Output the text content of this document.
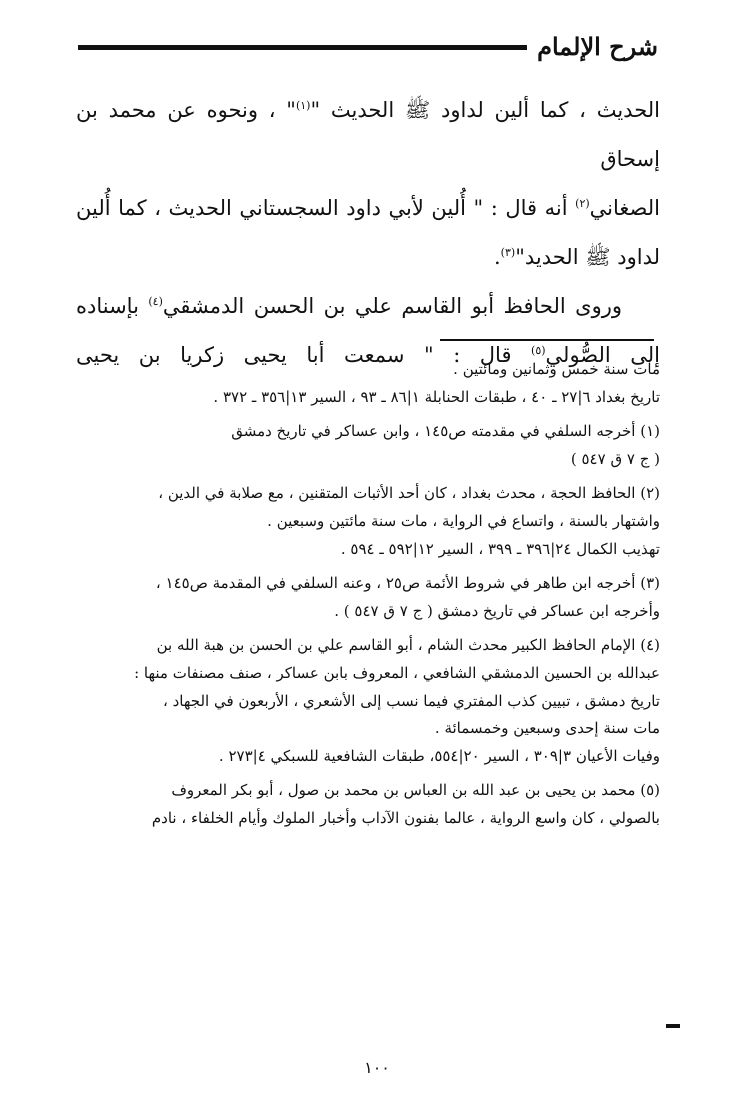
شرح الإلمام

الحديث ، كما ألين لداود ﷺ الحديث "$^{(١)}$" ، ونحوه عن محمد بن إسحاق

الصغاني$^{(٢)}$ أنه قال : " أُلين لأبي داود السجستاني الحديث ، كما أُلين

لداود ﷺ الحديد"$^{(٣)}$.

وروى الحافظ أبو القاسم علي بن الحسن الدمشقي$^{(٤)}$ بإسناده

إلى الصُّولي$^{(٥)}$ قال : " سمعت أبا يحيى زكريا بن يحيى

مات سنة خمس وثمانين ومائتين .

تاريخ بغداد ٦|٢٧ ـ ٤٠ ، طبقات الحنابلة ١|٨٦ ـ ٩٣ ، السير ١٣|٣٥٦ ـ ٣٧٢ .

(١) أخرجه السلفي في مقدمته ص١٤٥ ، وابن عساكر في تاريخ دمشق

( ج ٧ ق ٥٤٧ )

(٢) الحافظ الحجة ، محدث بغداد ، كان أحد الأثبات المتقنين ، مع صلابة في الدين ،

واشتهار بالسنة ، واتساع في الرواية ، مات سنة مائتين وسبعين .

تهذيب الكمال ٢٤|٣٩٦ ـ ٣٩٩ ، السير ١٢|٥٩٢ ـ ٥٩٤ .

(٣) أخرجه ابن طاهر في شروط الأئمة ص٢٥ ، وعنه السلفي في المقدمة ص١٤٥ ،

وأخرجه ابن عساكر في تاريخ دمشق ( ج ٧ ق ٥٤٧ ) .

(٤) الإمام الحافظ الكبير محدث الشام ، أبو القاسم علي بن الحسن بن هبة الله بن

عبدالله بن الحسين الدمشقي الشافعي ، المعروف بابن عساكر ، صنف مصنفات منها :

تاريخ دمشق ، تبيين كذب المفتري فيما نسب إلى الأشعري ، الأربعون في الجهاد ،

مات سنة إحدى وسبعين وخمسمائة .

وفيات الأعيان ٣|٣٠٩ ، السير ٢٠|٥٥٤، طبقات الشافعية للسبكي ٤|٢٧٣ .

(٥) محمد بن يحيى بن عبد الله بن العباس بن محمد بن صول ، أبو بكر المعروف

بالصولي ، كان واسع الرواية ، عالما بفنون الآداب وأخبار الملوك وأيام الخلفاء ، نادم

١٠٠
